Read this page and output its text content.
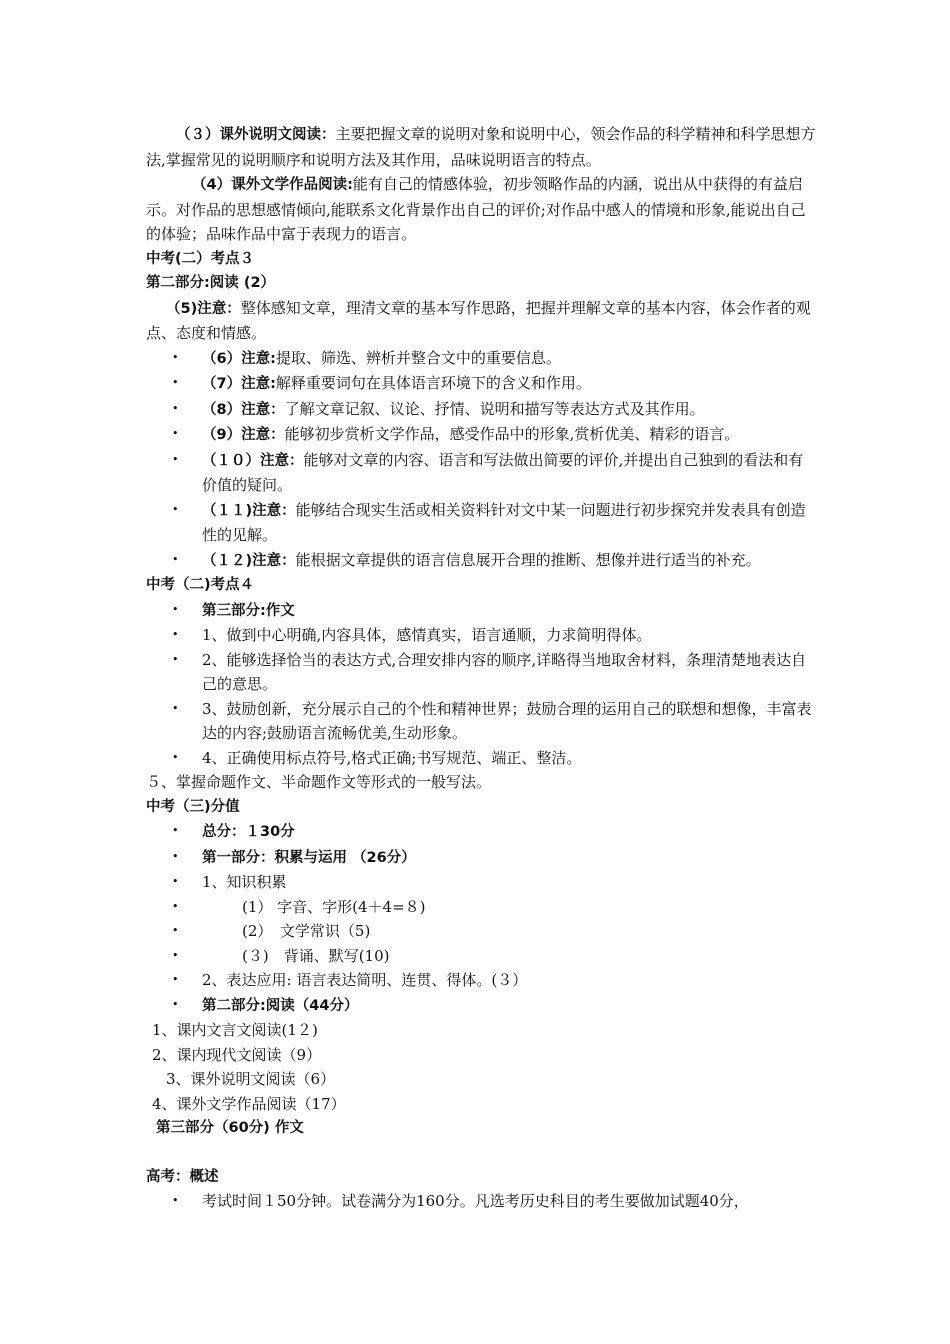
（３）课外说明文阅读：主要把握文章的说明对象和说明中心，领会作品的科学精神和科学思想方法,掌握常见的说明顺序和说明方法及其作用，品味说明语言的特点。

（4）课外文学作品阅读:能有自己的情感体验，初步领略作品的内涵，说出从中获得的有益启示。对作品的思想感情倾向,能联系文化背景作出自己的评价;对作品中感人的情境和形象,能说出自己的体验；品味作品中富于表现力的语言。

中考(二）考点３

第二部分:阅读 (2）

（5)注意：整体感知文章，理清文章的基本写作思路，把握并理解文章的基本内容，体会作者的观点、态度和情感。

• （6）注意:提取、筛选、辨析并整合文中的重要信息。
• （7）注意:解释重要词句在具体语言环境下的含义和作用。
• （8）注意：了解文章记叙、议论、抒情、说明和描写等表达方式及其作用。
• （9）注意：能够初步赏析文学作品，感受作品中的形象,赏析优美、精彩的语言。
• （１０）注意：能够对文章的内容、语言和写法做出简要的评价,并提出自己独到的看法和有价值的疑问。
• （１１)注意：能够结合现实生活或相关资料针对文中某一问题进行初步探究并发表具有创造性的见解。
• （１２)注意：能根据文章提供的语言信息展开合理的推断、想像并进行适当的补充。

中考（二)考点４

• 第三部分:作文
• 1、做到中心明确,内容具体，感情真实，语言通顺，力求简明得体。
• 2、能够选择恰当的表达方式,合理安排内容的顺序,详略得当地取舍材料，条理清楚地表达自己的意思。
• 3、鼓励创新，充分展示自己的个性和精神世界；鼓励合理的运用自己的联想和想像，丰富表达的内容;鼓励语言流畅优美,生动形象。
• 4、正确使用标点符号,格式正确;书写规范、端正、整洁。

５、掌握命题作文、半命题作文等形式的一般写法。

中考（三)分值

• 总分：１30分
• 第一部分：积累与运用 （26分）
• 1、知识积累
•	(1） 字音、字形(4＋4=８)
•	(2）　文学常识（5)
•	(３)　背诵、默写(10)
• 2、表达应用: 语言表达简明、连贯、得体。(３）
• 第二部分:阅读（44分）

1、课内文言文阅读(1２)

2、课内现代文阅读（9）

3、课外说明文阅读（6）

4、课外文学作品阅读（17）

第三部分（60分) 作文

高考：概述

• 考试时间１50分钟。试卷满分为160分。凡选考历史科目的考生要做加试题40分，
